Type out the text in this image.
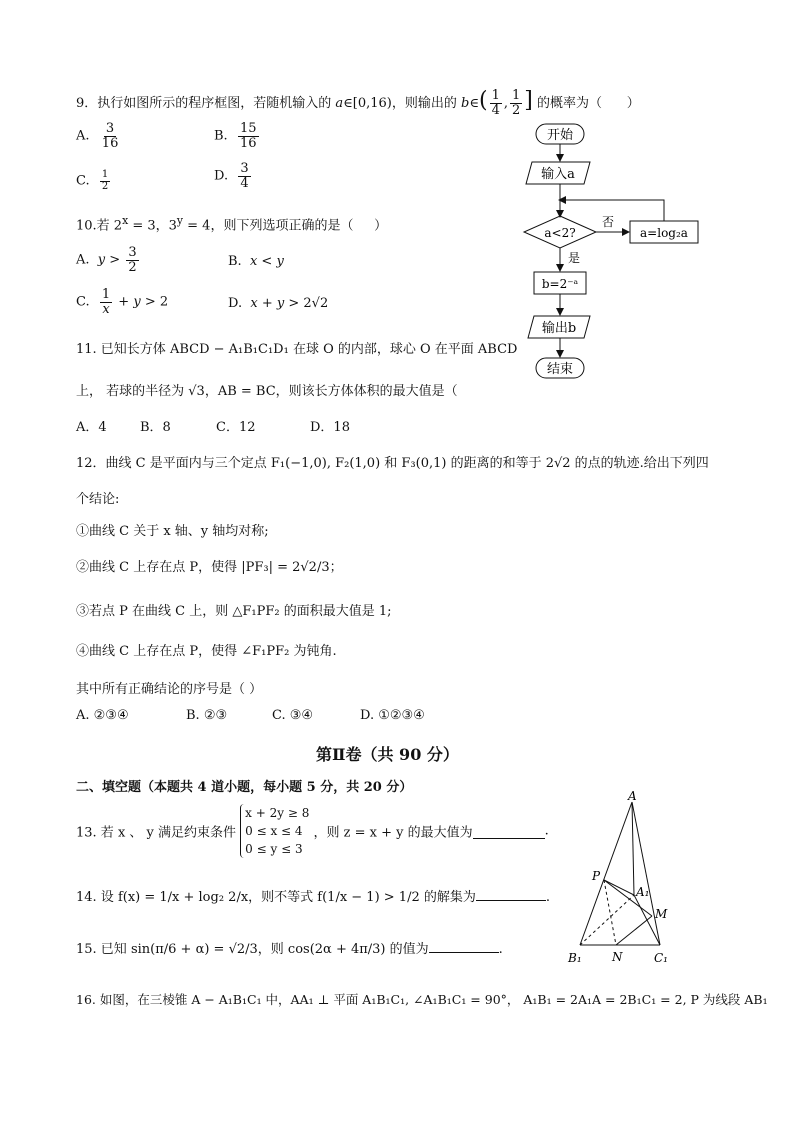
9．执行如图所示的程序框图，若随机输入的 a∈[0,16)，则输出的 b∈( $\frac{1}{4}$ , $\frac{1}{2}$ ] 的概率为（      ）
A. $\frac{3}{16}$	B. $\frac{15}{16}$
C. $\frac{1}{2}$	D. $\frac{3}{4}$
开始
输入a
a<2?
否
a=log₂a
是
b=2⁻ᵃ
输出b
结束
10.若 $2^x = 3$，$3^y = 4$，则下列选项正确的是（     ）
A.  $y > \frac{3}{2}$	B.  x < y
C. $\frac{1}{x} + y > 2$	D.  x + y > 2√2
11. 已知长方体 ABCD − A₁B₁C₁D₁ 在球 O 的内部，球心 O 在平面 ABCD
上， 若球的半径为 √3，AB = BC，则该长方体体积的最大值是（
A．4	B．8	C．12	D．18
12．曲线 C 是平面内与三个定点 F₁(−1,0), F₂(1,0) 和 F₃(0,1) 的距离的和等于 2√2 的点的轨迹.给出下列四
个结论:
①曲线 C 关于 x 轴、y 轴均对称;
②曲线 C 上存在点 P，使得 |PF₃| = 2√2/3；
③若点 P 在曲线 C 上，则 △F₁PF₂ 的面积最大值是 1;
④曲线 C 上存在点 P，使得 ∠F₁PF₂ 为钝角.
其中所有正确结论的序号是（ ）
A. ②③④	B. ②③	C. ③④	D. ①②③④
第Ⅱ卷（共 90 分）
二、填空题（本题共 4 道小题，每小题 5 分，共 20 分）
13. 若 x 、 y 满足约束条件
x + 2y ≥ 8
0 ≤ x ≤ 4
0 ≤ y ≤ 3
，则 z = x + y 的最大值为	.
14. 设 f(x) = 1/x + log₂ 2/x，则不等式 f(1/x − 1) > 1/2 的解集为	.
15. 已知 sin(π/6 + α) = √2/3，则 cos(2α + 4π/3) 的值为	.
16. 如图，在三棱锥 A − A₁B₁C₁ 中，AA₁ ⊥ 平面 A₁B₁C₁, ∠A₁B₁C₁ = 90°， A₁B₁ = 2A₁A = 2B₁C₁ = 2, P 为线段 AB₁
A
P
A₁
M
B₁	N	C₁
